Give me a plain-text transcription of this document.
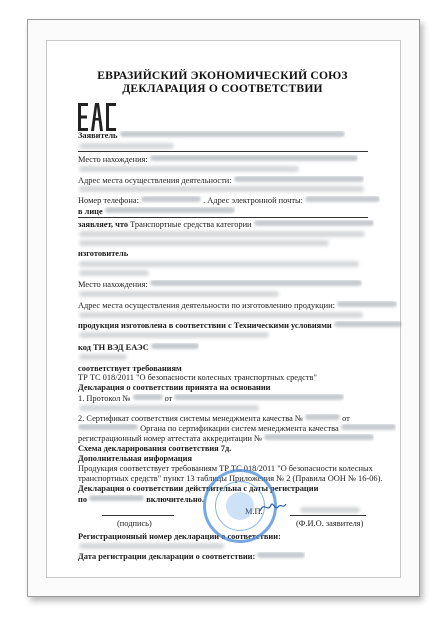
ЕВРАЗИЙСКИЙ ЭКОНОМИЧЕСКИЙ СОЮЗ
ДЕКЛАРАЦИЯ О СООТВЕТСТВИИ
Заявитель
Место нахождения:
Адрес места осуществления деятельности:
Номер телефона:	. Адрес электронной почты:
в лице
заявляет, что Транспортные средства категории
изготовитель
Место нахождения:
Адрес места осуществления деятельности по изготовлению продукции:
продукция изготовлена в соответствии с Техническими условиями
код ТН ВЭД ЕАЭС
соответствует требованиям
ТР ТС 018/2011 "О безопасности колесных транспортных средств"
Декларация о соответствии принята на основании
1. Протокол №	от
2. Сертификат соответствия системы менеджмента качества №	от
Органа по сертификации систем менеджмента качества
регистрационный номер аттестата аккредитации №
Схема декларирования соответствия 7д.
Дополнительная информация
Продукция соответствует требованиям ТР ТС 018/2011 "О безопасности колесных
транспортных средств" пункт 13 таблицы Приложения № 2 (Правила ООН № 16-06).
Декларация о соответствии действительна с даты регистрации
по	включительно.
М.П.
(подпись)	(Ф.И.О. заявителя)
Регистрационный номер декларации о соответствии:
Дата регистрации декларации о соответствии:
